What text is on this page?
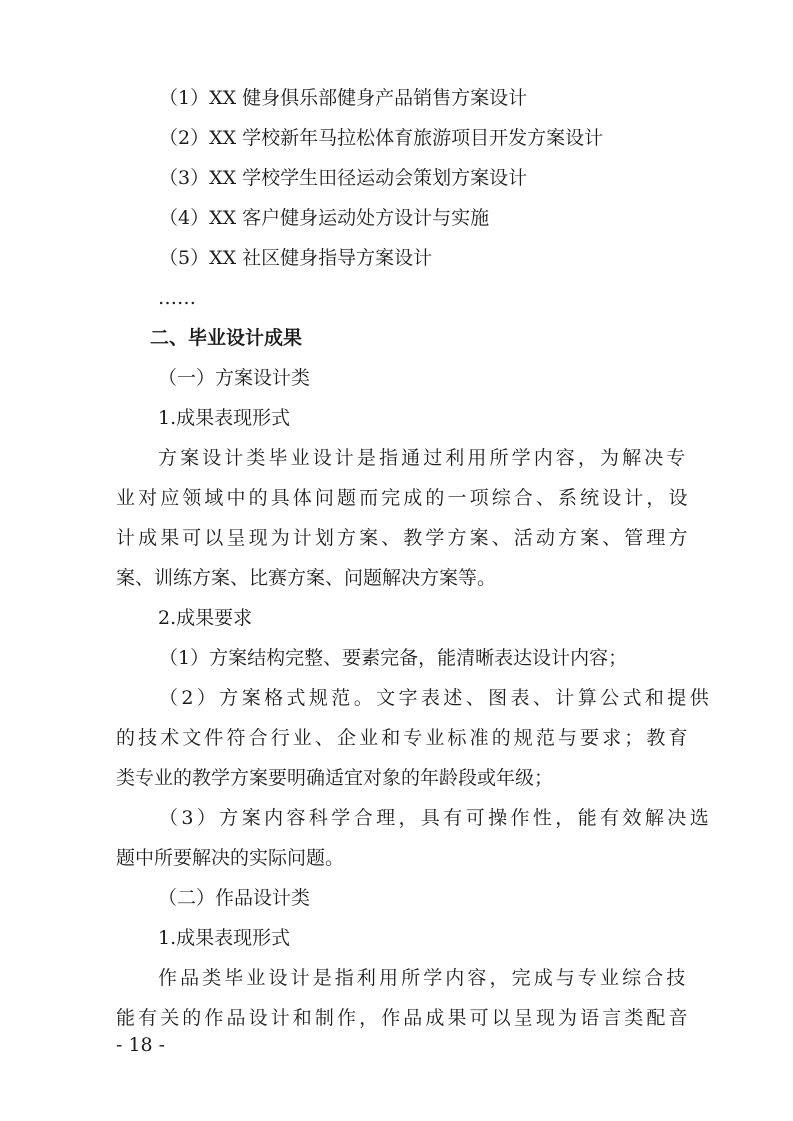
（1）XX 健身俱乐部健身产品销售方案设计
（2）XX 学校新年马拉松体育旅游项目开发方案设计
（3）XX 学校学生田径运动会策划方案设计
（4）XX 客户健身运动处方设计与实施
（5）XX 社区健身指导方案设计
……
二、毕业设计成果
（一）方案设计类
1.成果表现形式
方案设计类毕业设计是指通过利用所学内容，为解决专
业对应领域中的具体问题而完成的一项综合、系统设计，设
计成果可以呈现为计划方案、教学方案、活动方案、管理方
案、训练方案、比赛方案、问题解决方案等。
2.成果要求
（1）方案结构完整、要素完备，能清晰表达设计内容；
（2）方案格式规范。文字表述、图表、计算公式和提供
的技术文件符合行业、企业和专业标准的规范与要求；教育
类专业的教学方案要明确适宜对象的年龄段或年级；
（3）方案内容科学合理，具有可操作性，能有效解决选
题中所要解决的实际问题。
（二）作品设计类
1.成果表现形式
作品类毕业设计是指利用所学内容，完成与专业综合技
能有关的作品设计和制作，作品成果可以呈现为语言类配音
- 18 -
